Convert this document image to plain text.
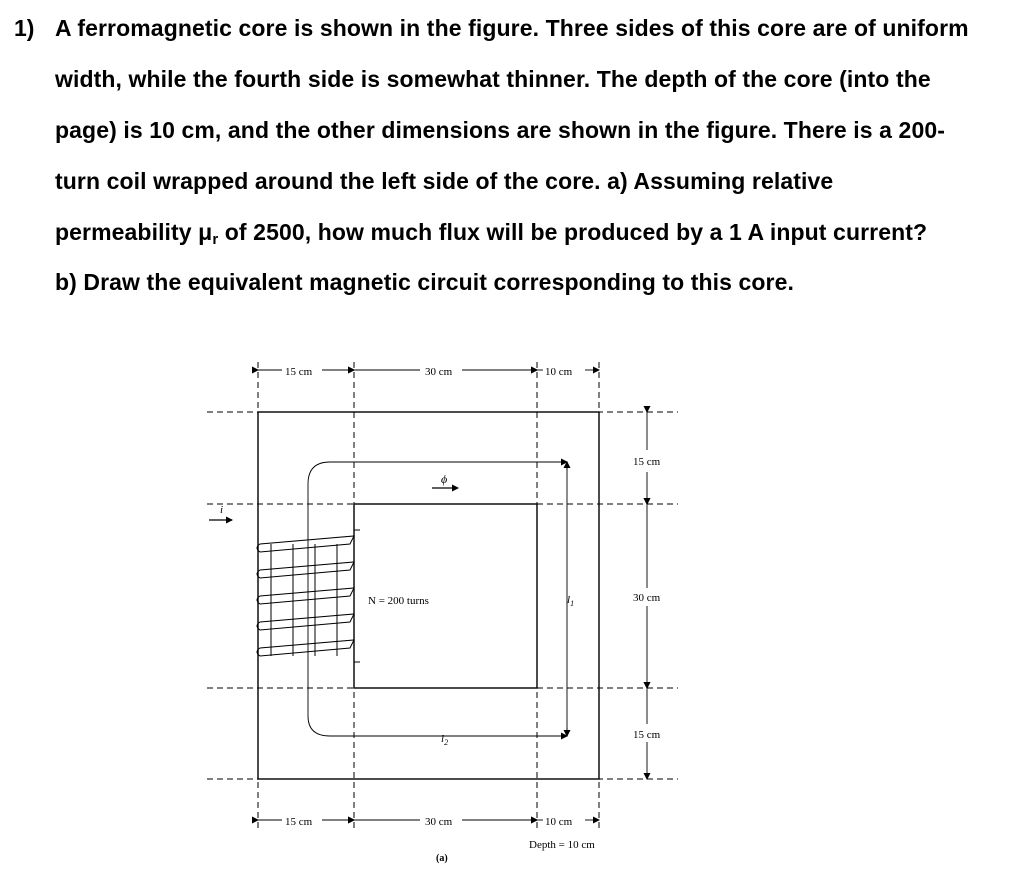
1) A ferromagnetic core is shown in the figure. Three sides of this core are of uniform
width, while the fourth side is somewhat thinner. The depth of the core (into the
page) is 10 cm, and the other dimensions are shown in the figure. There is a 200-
turn coil wrapped around the left side of the core. a) Assuming relative
permeability μr of 2500, how much flux will be produced by a 1 A input current?
b) Draw the equivalent magnetic circuit corresponding to this core.
i
ϕ
N = 200 turns	$l_1$
$l_2$
15 cm	30 cm	10 cm
15 cm	30 cm	10 cm
15 cm
30 cm
15 cm
Depth = 10 cm
(a)
